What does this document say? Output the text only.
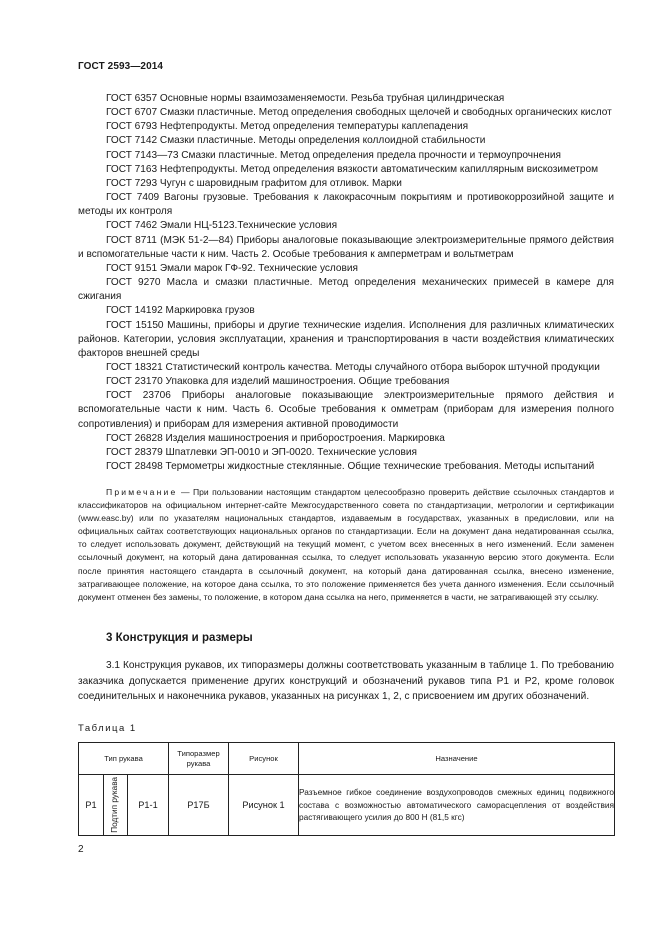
ГОСТ 2593—2014

ГОСТ 6357 Основные нормы взаимозаменяемости. Резьба трубная цилиндрическая

ГОСТ 6707 Смазки пластичные. Метод определения свободных щелочей и свободных органических кислот

ГОСТ 6793 Нефтепродукты. Метод определения температуры каплепадения

ГОСТ 7142 Смазки пластичные. Методы определения коллоидной стабильности

ГОСТ 7143—73 Смазки пластичные. Метод определения предела прочности и термоупрочнения

ГОСТ 7163 Нефтепродукты. Метод определения вязкости автоматическим капиллярным вискозиметром

ГОСТ 7293 Чугун с шаровидным графитом для отливок. Марки

ГОСТ 7409 Вагоны грузовые. Требования к лакокрасочным покрытиям и противокоррозийной защите и методы их контроля

ГОСТ 7462 Эмали НЦ-5123.Технические условия

ГОСТ 8711 (МЭК 51-2—84) Приборы аналоговые показывающие электроизмерительные прямого действия и вспомогательные части к ним. Часть 2. Особые требования к амперметрам и вольтметрам

ГОСТ 9151 Эмали марок ГФ-92. Технические условия

ГОСТ 9270 Масла и смазки пластичные. Метод определения механических примесей в камере для сжигания

ГОСТ 14192 Маркировка грузов

ГОСТ 15150 Машины, приборы и другие технические изделия. Исполнения для различных климатических районов. Категории, условия эксплуатации, хранения и транспортирования в части воздействия климатических факторов внешней среды

ГОСТ 18321 Статистический контроль качества. Методы случайного отбора выборок штучной продукции

ГОСТ 23170 Упаковка для изделий машиностроения. Общие требования

ГОСТ 23706 Приборы аналоговые показывающие электроизмерительные прямого действия и вспомогательные части к ним. Часть 6. Особые требования к омметрам (приборам для измерения полного сопротивления) и приборам для измерения активной проводимости

ГОСТ 26828 Изделия машиностроения и приборостроения. Маркировка

ГОСТ 28379 Шпатлевки ЭП-0010 и ЭП-0020. Технические условия

ГОСТ 28498 Термометры жидкостные стеклянные. Общие технические требования. Методы испытаний

Примечание — При пользовании настоящим стандартом целесообразно проверить действие ссылочных стандартов и классификаторов на официальном интернет-сайте Межгосударственного совета по стандартизации, метрологии и сертификации (www.easc.by) или по указателям национальных стандартов, издаваемым в государствах, указанных в предисловии, или на официальных сайтах соответствующих национальных органов по стандартизации. Если на документ дана недатированная ссылка, то следует использовать документ, действующий на текущий момент, с учетом всех внесенных в него изменений. Если заменен ссылочный документ, на который дана датированная ссылка, то следует использовать указанную версию этого документа. Если после принятия настоящего стандарта в ссылочный документ, на который дана датированная ссылка, внесено изменение, затрагивающее положение, на которое дана ссылка, то это положение применяется без учета данного изменения. Если ссылочный документ отменен без замены, то положение, в котором дана ссылка на него, применяется в части, не затрагивающей эту ссылку.

3 Конструкция и размеры

3.1 Конструкция рукавов, их типоразмеры должны соответствовать указанным в таблице 1. По требованию заказчика допускается применение других конструкций и обозначений рукавов типа Р1 и Р2, кроме головок соединительных и наконечника рукавов, указанных на рисунках 1, 2, с присвоением им других обозначений.

Таблица 1
Тип рукава			Типоразмер рукава	Рисунок	Назначение
Р1	Подтип рукава	Р1-1	Р17Б	Рисунок 1	Разъемное гибкое соединение воздухопроводов смежных единиц подвижного состава с возможностью автоматического саморасцепления от воздействия растягивающего усилия до 800 Н (81,5 кгс)
2
